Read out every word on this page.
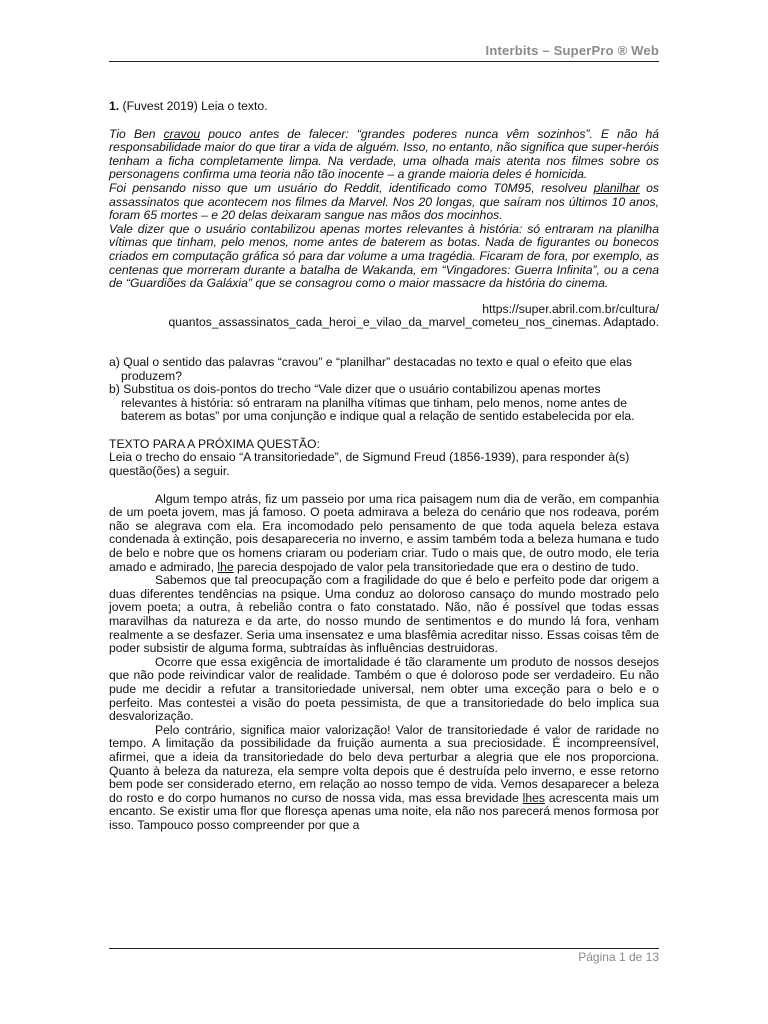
Interbits – SuperPro ® Web

1. (Fuvest 2019) Leia o texto.

Tio Ben cravou pouco antes de falecer: “grandes poderes nunca vêm sozinhos”. E não há responsabilidade maior do que tirar a vida de alguém. Isso, no entanto, não significa que super-heróis tenham a ficha completamente limpa. Na verdade, uma olhada mais atenta nos filmes sobre os personagens confirma uma teoria não tão inocente – a grande maioria deles é homicida.

Foi pensando nisso que um usuário do Reddit, identificado como T0M95, resolveu planilhar os assassinatos que acontecem nos filmes da Marvel. Nos 20 longas, que saíram nos últimos 10 anos, foram 65 mortes – e 20 delas deixaram sangue nas mãos dos mocinhos.

Vale dizer que o usuário contabilizou apenas mortes relevantes à história: só entraram na planilha vítimas que tinham, pelo menos, nome antes de baterem as botas. Nada de figurantes ou bonecos criados em computação gráfica só para dar volume a uma tragédia. Ficaram de fora, por exemplo, as centenas que morreram durante a batalha de Wakanda, em “Vingadores: Guerra Infinita”, ou a cena de “Guardiões da Galáxia” que se consagrou como o maior massacre da história do cinema.

https://super.abril.com.br/cultura/
quantos_assassinatos_cada_heroi_e_vilao_da_marvel_cometeu_nos_cinemas. Adaptado.

a) Qual o sentido das palavras “cravou” e “planilhar” destacadas no texto e qual o efeito que elas produzem?

b) Substitua os dois-pontos do trecho “Vale dizer que o usuário contabilizou apenas mortes relevantes à história: só entraram na planilha vítimas que tinham, pelo menos, nome antes de baterem as botas” por uma conjunção e indique qual a relação de sentido estabelecida por ela.

TEXTO PARA A PRÓXIMA QUESTÃO:

Leia o trecho do ensaio “A transitoriedade”, de Sigmund Freud (1856-1939), para responder à(s) questão(ões) a seguir.

Algum tempo atrás, fiz um passeio por uma rica paisagem num dia de verão, em companhia de um poeta jovem, mas já famoso. O poeta admirava a beleza do cenário que nos rodeava, porém não se alegrava com ela. Era incomodado pelo pensamento de que toda aquela beleza estava condenada à extinção, pois desapareceria no inverno, e assim também toda a beleza humana e tudo de belo e nobre que os homens criaram ou poderiam criar. Tudo o mais que, de outro modo, ele teria amado e admirado, lhe parecia despojado de valor pela transitoriedade que era o destino de tudo.

Sabemos que tal preocupação com a fragilidade do que é belo e perfeito pode dar origem a duas diferentes tendências na psique. Uma conduz ao doloroso cansaço do mundo mostrado pelo jovem poeta; a outra, à rebelião contra o fato constatado. Não, não é possível que todas essas maravilhas da natureza e da arte, do nosso mundo de sentimentos e do mundo lá fora, venham realmente a se desfazer. Seria uma insensatez e uma blasfêmia acreditar nisso. Essas coisas têm de poder subsistir de alguma forma, subtraídas às influências destruidoras.

Ocorre que essa exigência de imortalidade é tão claramente um produto de nossos desejos que não pode reivindicar valor de realidade. Também o que é doloroso pode ser verdadeiro. Eu não pude me decidir a refutar a transitoriedade universal, nem obter uma exceção para o belo e o perfeito. Mas contestei a visão do poeta pessimista, de que a transitoriedade do belo implica sua desvalorização.

Pelo contrário, significa maior valorização! Valor de transitoriedade é valor de raridade no tempo. A limitação da possibilidade da fruição aumenta a sua preciosidade. É incompreensível, afirmei, que a ideia da transitoriedade do belo deva perturbar a alegria que ele nos proporciona. Quanto à beleza da natureza, ela sempre volta depois que é destruída pelo inverno, e esse retorno bem pode ser considerado eterno, em relação ao nosso tempo de vida. Vemos desaparecer a beleza do rosto e do corpo humanos no curso de nossa vida, mas essa brevidade lhes acrescenta mais um encanto. Se existir uma flor que floresça apenas uma noite, ela não nos parecerá menos formosa por isso. Tampouco posso compreender por que a

Página 1 de 13
